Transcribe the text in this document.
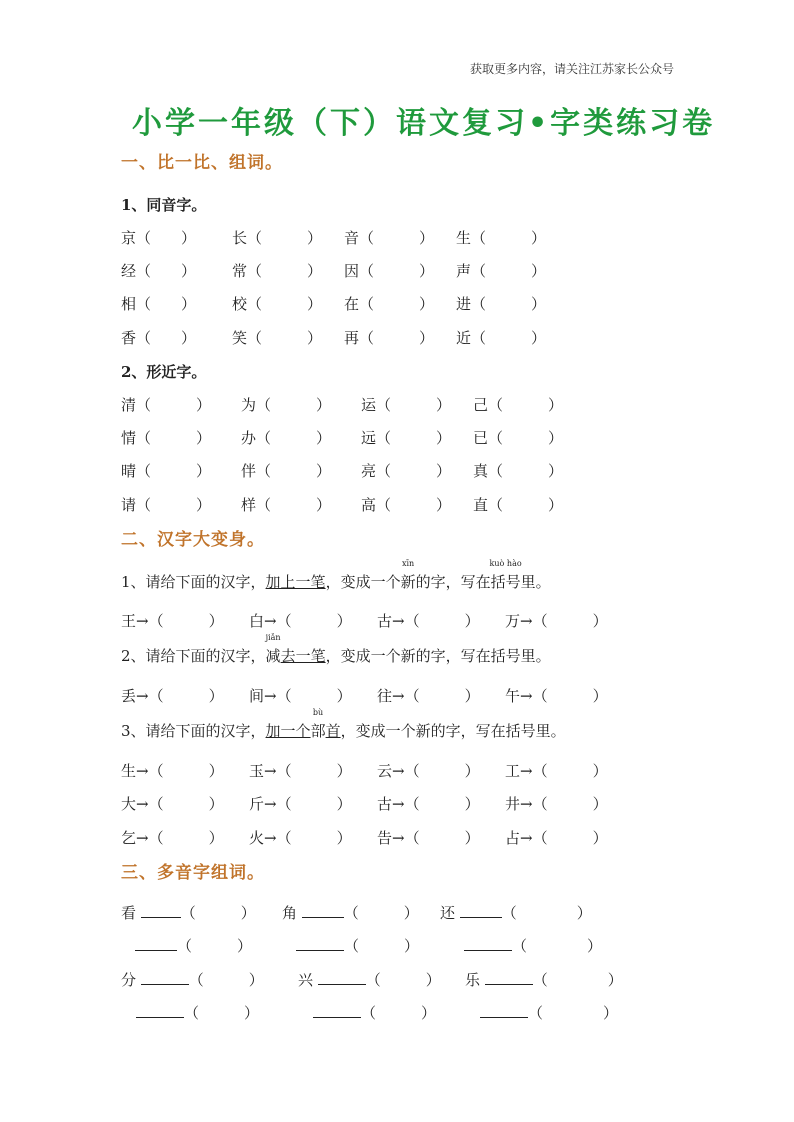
获取更多内容，请关注江苏家长公众号
小学一年级（下）语文复习•字类练习卷
一、比一比、组词。
1、同音字。
京（　　） 长（　　　） 音（　　　） 生（　　　）
经（　　） 常（　　　） 因（　　　） 声（　　　）
相（　　） 校（　　　） 在（　　　） 进（　　　）
香（　　） 笑（　　　） 再（　　　） 近（　　　）
2、形近字。
清（　　　） 为（　　　） 运（　　　） 己（　　　）
情（　　　） 办（　　　） 远（　　　） 已（　　　）
晴（　　　） 伴（　　　） 亮（　　　） 真（　　　）
请（　　　） 样（　　　） 高（　　　） 直（　　　）
二、汉字大变身。
1、请给下面的汉字，加上一笔，变成一个
xīn
新的字，写在
kuò hào
括号里。
王→（　　　） 白→（　　　） 古→（　　　） 万→（　　　）
2、请给下面的汉字，
jiǎn
减去一笔，变成一个新的字，写在括号里。
丢→（　　　） 间→（　　　） 往→（　　　） 午→（　　　）
3、请给下面的汉字，加一个
bù
部首，变成一个新的字，写在括号里。
生→（　　　） 玉→（　　　） 云→（　　　） 工→（　　　）
大→（　　　） 斤→（　　　） 古→（　　　） 井→（　　　）
乞→（　　　） 火→（　　　） 告→（　　　） 占→（　　　）
三、多音字组词。
看	（　　　） 角	（　　　） 还	（　　　　）
（　　　）	（　　　）	（　　　　）
分	（　　　） 兴	（　　　） 乐	（　　　　）
（　　　）	（　　　）	（　　　　）
